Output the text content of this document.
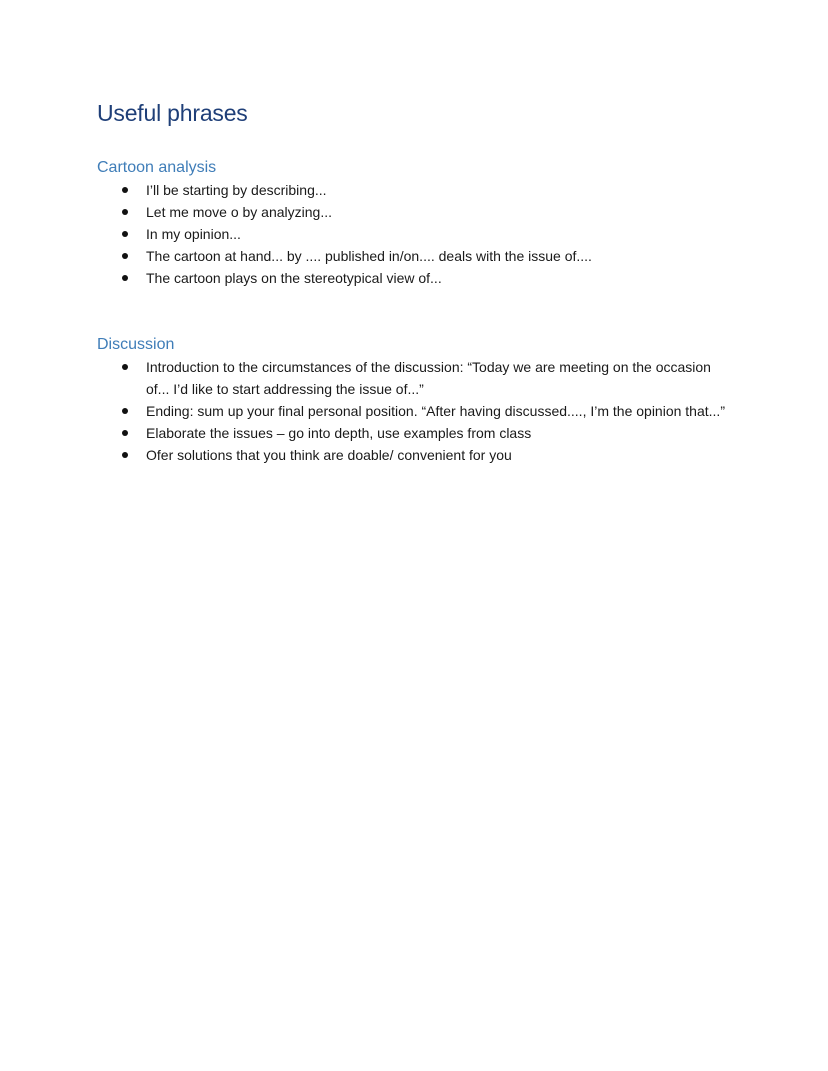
Useful phrases
Cartoon analysis
I’ll be starting by describing...
Let me move o by analyzing...
In my opinion...
The cartoon at hand... by .... published in/on.... deals with the issue of....
The cartoon plays on the stereotypical view of...
Discussion
Introduction to the circumstances of the discussion: “Today we are meeting on the occasion of... I’d like to start addressing the issue of...”
Ending: sum up your final personal position. “After having discussed...., I’m the opinion that...”
Elaborate the issues – go into depth, use examples from class
Ofer solutions that you think are doable/ convenient for you
